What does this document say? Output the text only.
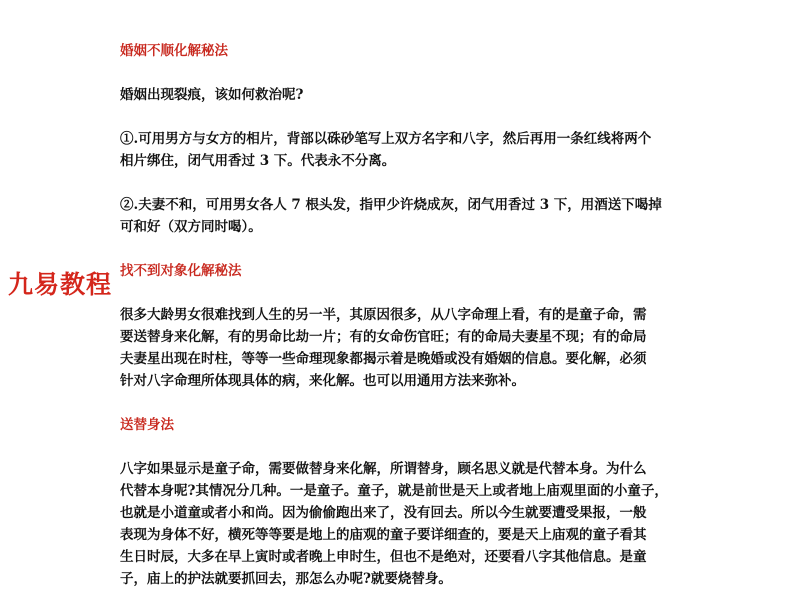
婚姻不顺化解秘法
婚姻出现裂痕，该如何救治呢?
①.可用男方与女方的相片，背部以硃砂笔写上双方名字和八字，然后再用一条红线将两个
相片绑住，闭气用香过 3 下。代表永不分离。
②.夫妻不和，可用男女各人 7 根头发，指甲少许烧成灰，闭气用香过 3 下，用酒送下喝掉
可和好（双方同时喝）。
找不到对象化解秘法
很多大龄男女很难找到人生的另一半，其原因很多，从八字命理上看，有的是童子命，需
要送替身来化解，有的男命比劫一片；有的女命伤官旺；有的命局夫妻星不现；有的命局
夫妻星出现在时柱，等等一些命理现象都揭示着是晚婚或没有婚姻的信息。要化解，必须
针对八字命理所体现具体的病，来化解。也可以用通用方法来弥补。
送替身法
八字如果显示是童子命，需要做替身来化解，所谓替身，顾名思义就是代替本身。为什么
代替本身呢?其情况分几种。一是童子。童子，就是前世是天上或者地上庙观里面的小童子，
也就是小道童或者小和尚。因为偷偷跑出来了，没有回去。所以今生就要遭受果报，一般
表现为身体不好，横死等等要是地上的庙观的童子要详细查的，要是天上庙观的童子看其
生日时辰，大多在早上寅时或者晚上申时生，但也不是绝对，还要看八字其他信息。是童
子，庙上的护法就要抓回去，那怎么办呢?就要烧替身。
九易教程
